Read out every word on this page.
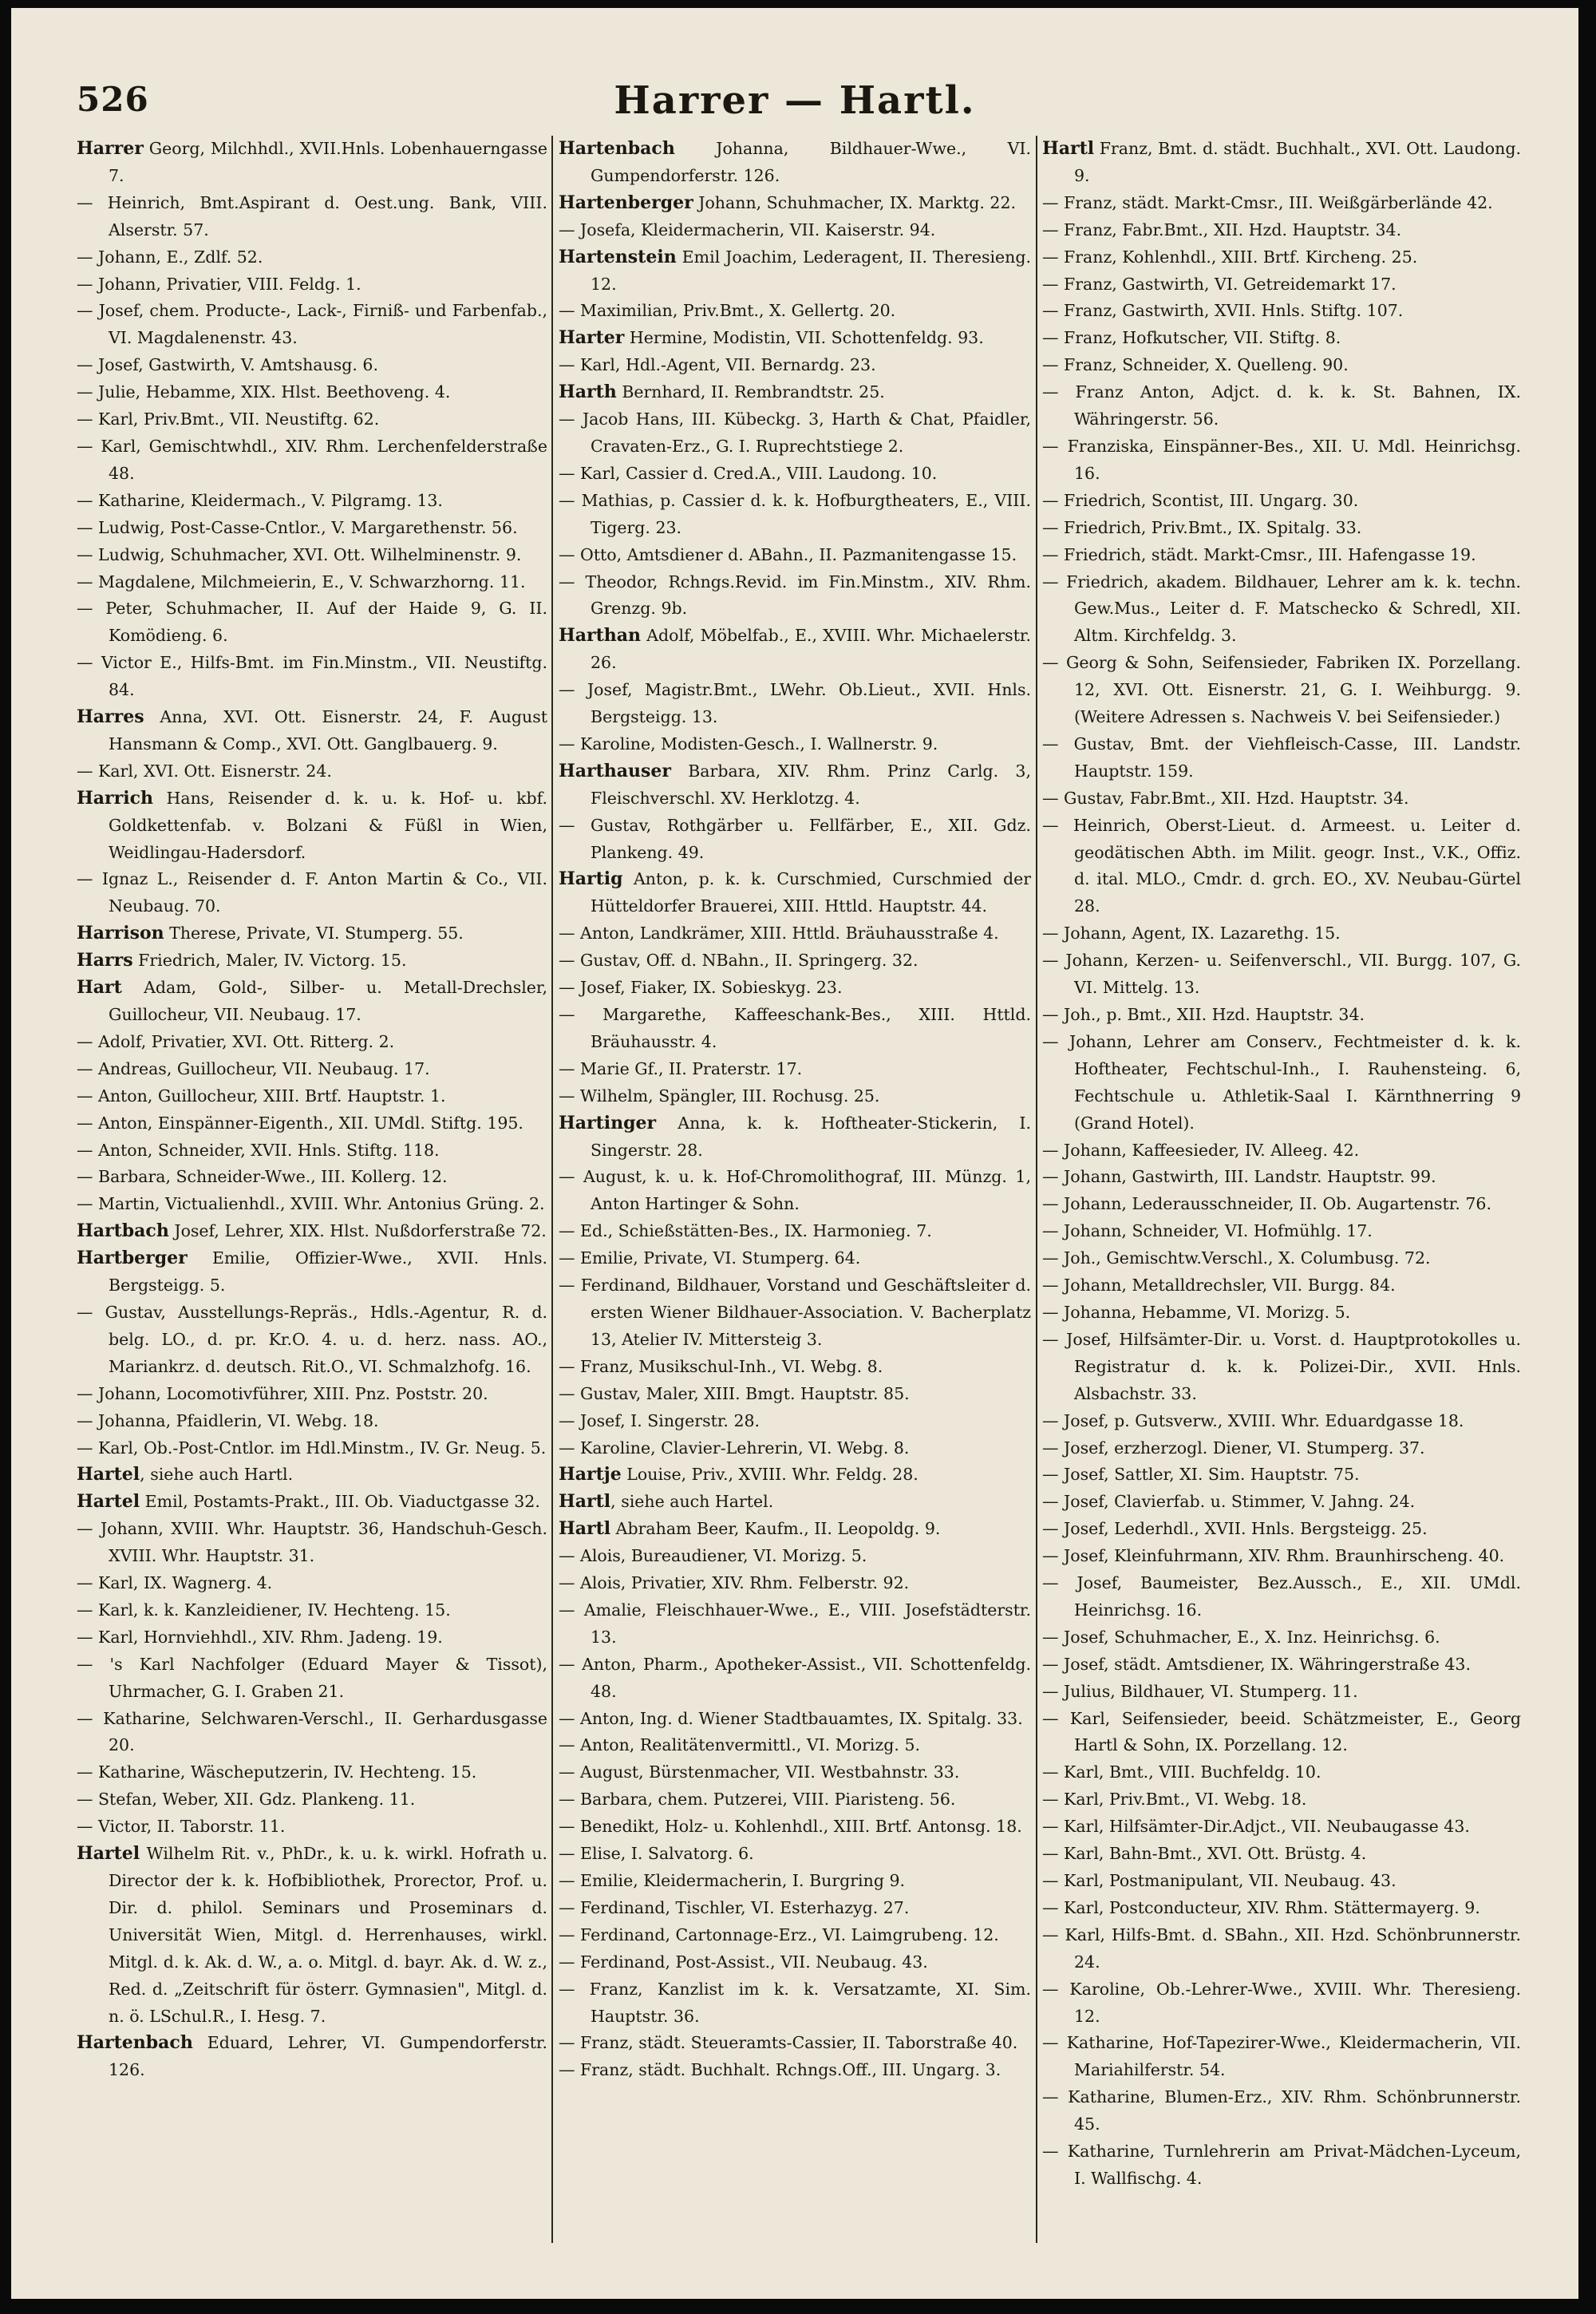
526	Harrer — Hartl.

Harrer Georg, Milchhdl., XVII.Hnls. Lobenhauerngasse 7.

— Heinrich, Bmt.Aspirant d. Oest.ung. Bank, VIII. Alserstr. 57.

— Johann, E., Zdlf. 52.

— Johann, Privatier, VIII. Feldg. 1.

— Josef, chem. Producte-, Lack-, Firniß- und Farbenfab., VI. Magdalenenstr. 43.

— Josef, Gastwirth, V. Amtshausg. 6.

— Julie, Hebamme, XIX. Hlst. Beethoveng. 4.

— Karl, Priv.Bmt., VII. Neustiftg. 62.

— Karl, Gemischtwhdl., XIV. Rhm. Lerchenfelderstraße 48.

— Katharine, Kleidermach., V. Pilgramg. 13.

— Ludwig, Post-Casse-Cntlor., V. Margarethenstr. 56.

— Ludwig, Schuhmacher, XVI. Ott. Wilhelminenstr. 9.

— Magdalene, Milchmeierin, E., V. Schwarzhorng. 11.

— Peter, Schuhmacher, II. Auf der Haide 9, G. II. Komödieng. 6.

— Victor E., Hilfs-Bmt. im Fin.Minstm., VII. Neustiftg. 84.

Harres Anna, XVI. Ott. Eisnerstr. 24, F. August Hansmann & Comp., XVI. Ott. Ganglbauerg. 9.

— Karl, XVI. Ott. Eisnerstr. 24.

Harrich Hans, Reisender d. k. u. k. Hof- u. kbf. Goldkettenfab. v. Bolzani & Füßl in Wien, Weidlingau-Hadersdorf.

— Ignaz L., Reisender d. F. Anton Martin & Co., VII. Neubaug. 70.

Harrison Therese, Private, VI. Stumperg. 55.

Harrs Friedrich, Maler, IV. Victorg. 15.

Hart Adam, Gold-, Silber- u. Metall-Drechsler, Guillocheur, VII. Neubaug. 17.

— Adolf, Privatier, XVI. Ott. Ritterg. 2.

— Andreas, Guillocheur, VII. Neubaug. 17.

— Anton, Guillocheur, XIII. Brtf. Hauptstr. 1.

— Anton, Einspänner-Eigenth., XII. UMdl. Stiftg. 195.

— Anton, Schneider, XVII. Hnls. Stiftg. 118.

— Barbara, Schneider-Wwe., III. Kollerg. 12.

— Martin, Victualienhdl., XVIII. Whr. Antonius Grüng. 2.

Hartbach Josef, Lehrer, XIX. Hlst. Nußdorferstraße 72.

Hartberger Emilie, Offizier-Wwe., XVII. Hnls. Bergsteigg. 5.

— Gustav, Ausstellungs-Repräs., Hdls.-Agentur, R. d. belg. LO., d. pr. Kr.O. 4. u. d. herz. nass. AO., Mariankrz. d. deutsch. Rit.O., VI. Schmalzhofg. 16.

— Johann, Locomotivführer, XIII. Pnz. Poststr. 20.

— Johanna, Pfaidlerin, VI. Webg. 18.

— Karl, Ob.-Post-Cntlor. im Hdl.Minstm., IV. Gr. Neug. 5.

Hartel, siehe auch Hartl.

Hartel Emil, Postamts-Prakt., III. Ob. Viaductgasse 32.

— Johann, XVIII. Whr. Hauptstr. 36, Handschuh-Gesch. XVIII. Whr. Hauptstr. 31.

— Karl, IX. Wagnerg. 4.

— Karl, k. k. Kanzleidiener, IV. Hechteng. 15.

— Karl, Hornviehhdl., XIV. Rhm. Jadeng. 19.

— 's Karl Nachfolger (Eduard Mayer & Tissot), Uhrmacher, G. I. Graben 21.

— Katharine, Selchwaren-Verschl., II. Gerhardusgasse 20.

— Katharine, Wäscheputzerin, IV. Hechteng. 15.

— Stefan, Weber, XII. Gdz. Plankeng. 11.

— Victor, II. Taborstr. 11.

Hartel Wilhelm Rit. v., PhDr., k. u. k. wirkl. Hofrath u. Director der k. k. Hofbibliothek, Prorector, Prof. u. Dir. d. philol. Seminars und Proseminars d. Universität Wien, Mitgl. d. Herrenhauses, wirkl. Mitgl. d. k. Ak. d. W., a. o. Mitgl. d. bayr. Ak. d. W. z., Red. d. „Zeitschrift für österr. Gymnasien", Mitgl. d. n. ö. LSchul.R., I. Hesg. 7.

Hartenbach Eduard, Lehrer, VI. Gumpendorferstr. 126.

Hartenbach Johanna, Bildhauer-Wwe., VI. Gumpendorferstr. 126.

Hartenberger Johann, Schuhmacher, IX. Marktg. 22.

— Josefa, Kleidermacherin, VII. Kaiserstr. 94.

Hartenstein Emil Joachim, Lederagent, II. Theresieng. 12.

— Maximilian, Priv.Bmt., X. Gellertg. 20.

Harter Hermine, Modistin, VII. Schottenfeldg. 93.

— Karl, Hdl.-Agent, VII. Bernardg. 23.

Harth Bernhard, II. Rembrandtstr. 25.

— Jacob Hans, III. Kübeckg. 3, Harth & Chat, Pfaidler, Cravaten-Erz., G. I. Ruprechtstiege 2.

— Karl, Cassier d. Cred.A., VIII. Laudong. 10.

— Mathias, p. Cassier d. k. k. Hofburgtheaters, E., VIII. Tigerg. 23.

— Otto, Amtsdiener d. ABahn., II. Pazmanitengasse 15.

— Theodor, Rchngs.Revid. im Fin.Minstm., XIV. Rhm. Grenzg. 9b.

Harthan Adolf, Möbelfab., E., XVIII. Whr. Michaelerstr. 26.

— Josef, Magistr.Bmt., LWehr. Ob.Lieut., XVII. Hnls. Bergsteigg. 13.

— Karoline, Modisten-Gesch., I. Wallnerstr. 9.

Harthauser Barbara, XIV. Rhm. Prinz Carlg. 3, Fleischverschl. XV. Herklotzg. 4.

— Gustav, Rothgärber u. Fellfärber, E., XII. Gdz. Plankeng. 49.

Hartig Anton, p. k. k. Curschmied, Curschmied der Hütteldorfer Brauerei, XIII. Httld. Hauptstr. 44.

— Anton, Landkrämer, XIII. Httld. Bräuhausstraße 4.

— Gustav, Off. d. NBahn., II. Springerg. 32.

— Josef, Fiaker, IX. Sobieskyg. 23.

— Margarethe, Kaffeeschank-Bes., XIII. Httld. Bräuhausstr. 4.

— Marie Gf., II. Praterstr. 17.

— Wilhelm, Spängler, III. Rochusg. 25.

Hartinger Anna, k. k. Hoftheater-Stickerin, I. Singerstr. 28.

— August, k. u. k. Hof-Chromolithograf, III. Münzg. 1, Anton Hartinger & Sohn.

— Ed., Schießstätten-Bes., IX. Harmonieg. 7.

— Emilie, Private, VI. Stumperg. 64.

— Ferdinand, Bildhauer, Vorstand und Geschäftsleiter d. ersten Wiener Bildhauer-Association. V. Bacherplatz 13, Atelier IV. Mittersteig 3.

— Franz, Musikschul-Inh., VI. Webg. 8.

— Gustav, Maler, XIII. Bmgt. Hauptstr. 85.

— Josef, I. Singerstr. 28.

— Karoline, Clavier-Lehrerin, VI. Webg. 8.

Hartje Louise, Priv., XVIII. Whr. Feldg. 28.

Hartl, siehe auch Hartel.

Hartl Abraham Beer, Kaufm., II. Leopoldg. 9.

— Alois, Bureaudiener, VI. Morizg. 5.

— Alois, Privatier, XIV. Rhm. Felberstr. 92.

— Amalie, Fleischhauer-Wwe., E., VIII. Josefstädterstr. 13.

— Anton, Pharm., Apotheker-Assist., VII. Schottenfeldg. 48.

— Anton, Ing. d. Wiener Stadtbauamtes, IX. Spitalg. 33.

— Anton, Realitätenvermittl., VI. Morizg. 5.

— August, Bürstenmacher, VII. Westbahnstr. 33.

— Barbara, chem. Putzerei, VIII. Piaristeng. 56.

— Benedikt, Holz- u. Kohlenhdl., XIII. Brtf. Antonsg. 18.

— Elise, I. Salvatorg. 6.

— Emilie, Kleidermacherin, I. Burgring 9.

— Ferdinand, Tischler, VI. Esterhazyg. 27.

— Ferdinand, Cartonnage-Erz., VI. Laimgrubeng. 12.

— Ferdinand, Post-Assist., VII. Neubaug. 43.

— Franz, Kanzlist im k. k. Versatzamte, XI. Sim. Hauptstr. 36.

— Franz, städt. Steueramts-Cassier, II. Taborstraße 40.

— Franz, städt. Buchhalt. Rchngs.Off., III. Ungarg. 3.

Hartl Franz, Bmt. d. städt. Buchhalt., XVI. Ott. Laudong. 9.

— Franz, städt. Markt-Cmsr., III. Weißgärberlände 42.

— Franz, Fabr.Bmt., XII. Hzd. Hauptstr. 34.

— Franz, Kohlenhdl., XIII. Brtf. Kircheng. 25.

— Franz, Gastwirth, VI. Getreidemarkt 17.

— Franz, Gastwirth, XVII. Hnls. Stiftg. 107.

— Franz, Hofkutscher, VII. Stiftg. 8.

— Franz, Schneider, X. Quelleng. 90.

— Franz Anton, Adjct. d. k. k. St. Bahnen, IX. Währingerstr. 56.

— Franziska, Einspänner-Bes., XII. U. Mdl. Heinrichsg. 16.

— Friedrich, Scontist, III. Ungarg. 30.

— Friedrich, Priv.Bmt., IX. Spitalg. 33.

— Friedrich, städt. Markt-Cmsr., III. Hafengasse 19.

— Friedrich, akadem. Bildhauer, Lehrer am k. k. techn. Gew.Mus., Leiter d. F. Matschecko & Schredl, XII. Altm. Kirchfeldg. 3.

— Georg & Sohn, Seifensieder, Fabriken IX. Porzellang. 12, XVI. Ott. Eisnerstr. 21, G. I. Weihburgg. 9. (Weitere Adressen s. Nachweis V. bei Seifensieder.)

— Gustav, Bmt. der Viehfleisch-Casse, III. Landstr. Hauptstr. 159.

— Gustav, Fabr.Bmt., XII. Hzd. Hauptstr. 34.

— Heinrich, Oberst-Lieut. d. Armeest. u. Leiter d. geodätischen Abth. im Milit. geogr. Inst., V.K., Offiz. d. ital. MLO., Cmdr. d. grch. EO., XV. Neubau-Gürtel 28.

— Johann, Agent, IX. Lazarethg. 15.

— Johann, Kerzen- u. Seifenverschl., VII. Burgg. 107, G. VI. Mittelg. 13.

— Joh., p. Bmt., XII. Hzd. Hauptstr. 34.

— Johann, Lehrer am Conserv., Fechtmeister d. k. k. Hoftheater, Fechtschul-Inh., I. Rauhensteing. 6, Fechtschule u. Athletik-Saal I. Kärnthnerring 9 (Grand Hotel).

— Johann, Kaffeesieder, IV. Alleeg. 42.

— Johann, Gastwirth, III. Landstr. Hauptstr. 99.

— Johann, Lederausschneider, II. Ob. Augartenstr. 76.

— Johann, Schneider, VI. Hofmühlg. 17.

— Joh., Gemischtw.Verschl., X. Columbusg. 72.

— Johann, Metalldrechsler, VII. Burgg. 84.

— Johanna, Hebamme, VI. Morizg. 5.

— Josef, Hilfsämter-Dir. u. Vorst. d. Hauptprotokolles u. Registratur d. k. k. Polizei-Dir., XVII. Hnls. Alsbachstr. 33.

— Josef, p. Gutsverw., XVIII. Whr. Eduardgasse 18.

— Josef, erzherzogl. Diener, VI. Stumperg. 37.

— Josef, Sattler, XI. Sim. Hauptstr. 75.

— Josef, Clavierfab. u. Stimmer, V. Jahng. 24.

— Josef, Lederhdl., XVII. Hnls. Bergsteigg. 25.

— Josef, Kleinfuhrmann, XIV. Rhm. Braunhirscheng. 40.

— Josef, Baumeister, Bez.Aussch., E., XII. UMdl. Heinrichsg. 16.

— Josef, Schuhmacher, E., X. Inz. Heinrichsg. 6.

— Josef, städt. Amtsdiener, IX. Währingerstraße 43.

— Julius, Bildhauer, VI. Stumperg. 11.

— Karl, Seifensieder, beeid. Schätzmeister, E., Georg Hartl & Sohn, IX. Porzellang. 12.

— Karl, Bmt., VIII. Buchfeldg. 10.

— Karl, Priv.Bmt., VI. Webg. 18.

— Karl, Hilfsämter-Dir.Adjct., VII. Neubaugasse 43.

— Karl, Bahn-Bmt., XVI. Ott. Brüstg. 4.

— Karl, Postmanipulant, VII. Neubaug. 43.

— Karl, Postconducteur, XIV. Rhm. Stättermayerg. 9.

— Karl, Hilfs-Bmt. d. SBahn., XII. Hzd. Schönbrunnerstr. 24.

— Karoline, Ob.-Lehrer-Wwe., XVIII. Whr. Theresieng. 12.

— Katharine, Hof-Tapezirer-Wwe., Kleidermacherin, VII. Mariahilferstr. 54.

— Katharine, Blumen-Erz., XIV. Rhm. Schönbrunnerstr. 45.

— Katharine, Turnlehrerin am Privat-Mädchen-Lyceum, I. Wallfischg. 4.
